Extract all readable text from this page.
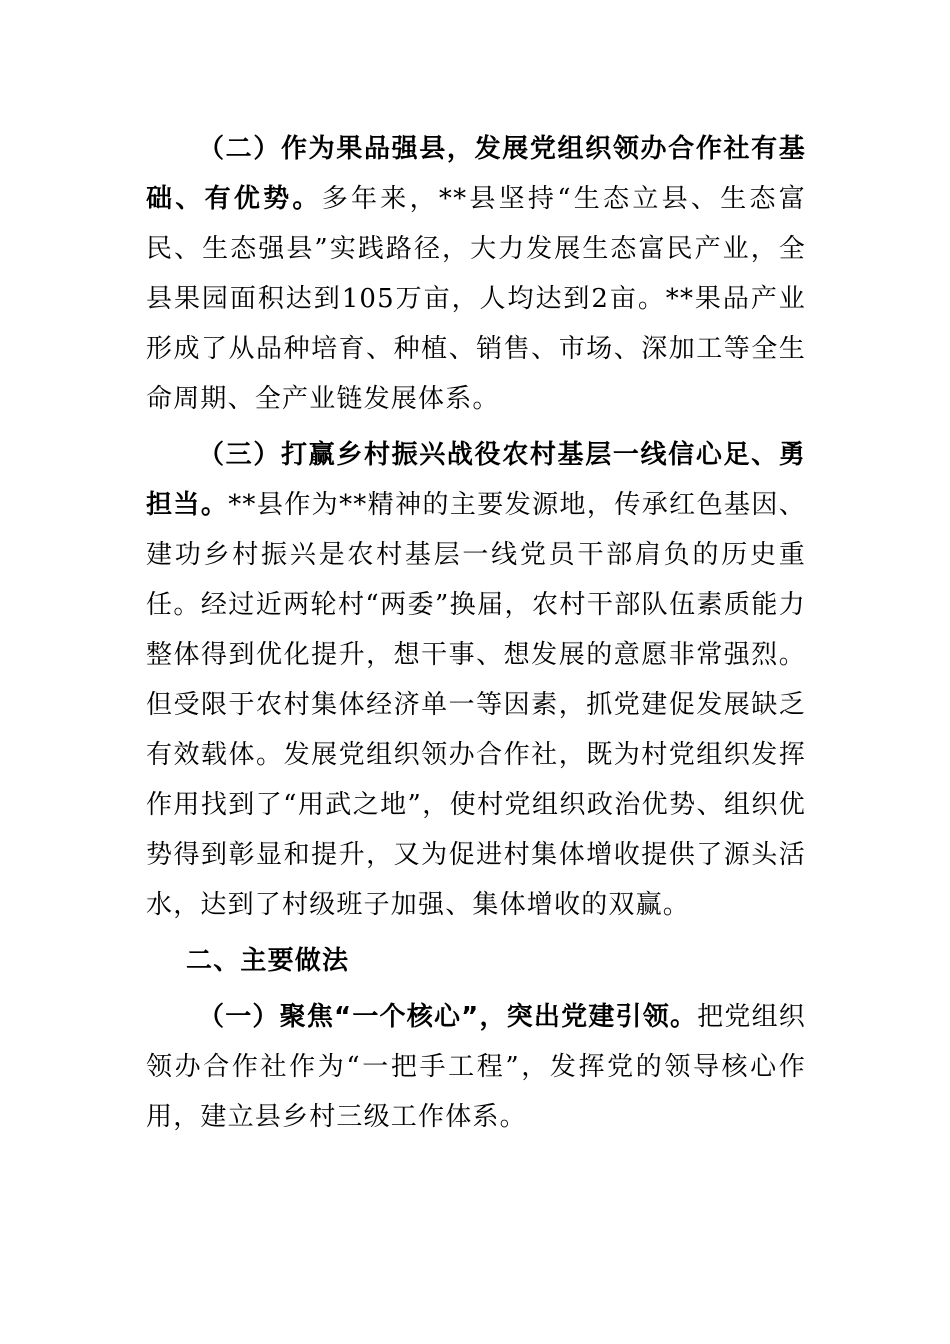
（二）作为果品强县，发展党组织领办合作社有基础、有优势。多年来，**县坚持“生态立县、生态富民、生态强县”实践路径，大力发展生态富民产业，全县果园面积达到105万亩，人均达到2亩。**果品产业形成了从品种培育、种植、销售、市场、深加工等全生命周期、全产业链发展体系。

（三）打赢乡村振兴战役农村基层一线信心足、勇担当。**县作为**精神的主要发源地，传承红色基因、建功乡村振兴是农村基层一线党员干部肩负的历史重任。经过近两轮村“两委”换届，农村干部队伍素质能力整体得到优化提升，想干事、想发展的意愿非常强烈。但受限于农村集体经济单一等因素，抓党建促发展缺乏有效载体。发展党组织领办合作社，既为村党组织发挥作用找到了“用武之地”，使村党组织政治优势、组织优势得到彰显和提升，又为促进村集体增收提供了源头活水，达到了村级班子加强、集体增收的双赢。

二、主要做法

（一）聚焦“一个核心”，突出党建引领。把党组织领办合作社作为“一把手工程”，发挥党的领导核心作用，建立县乡村三级工作体系。
